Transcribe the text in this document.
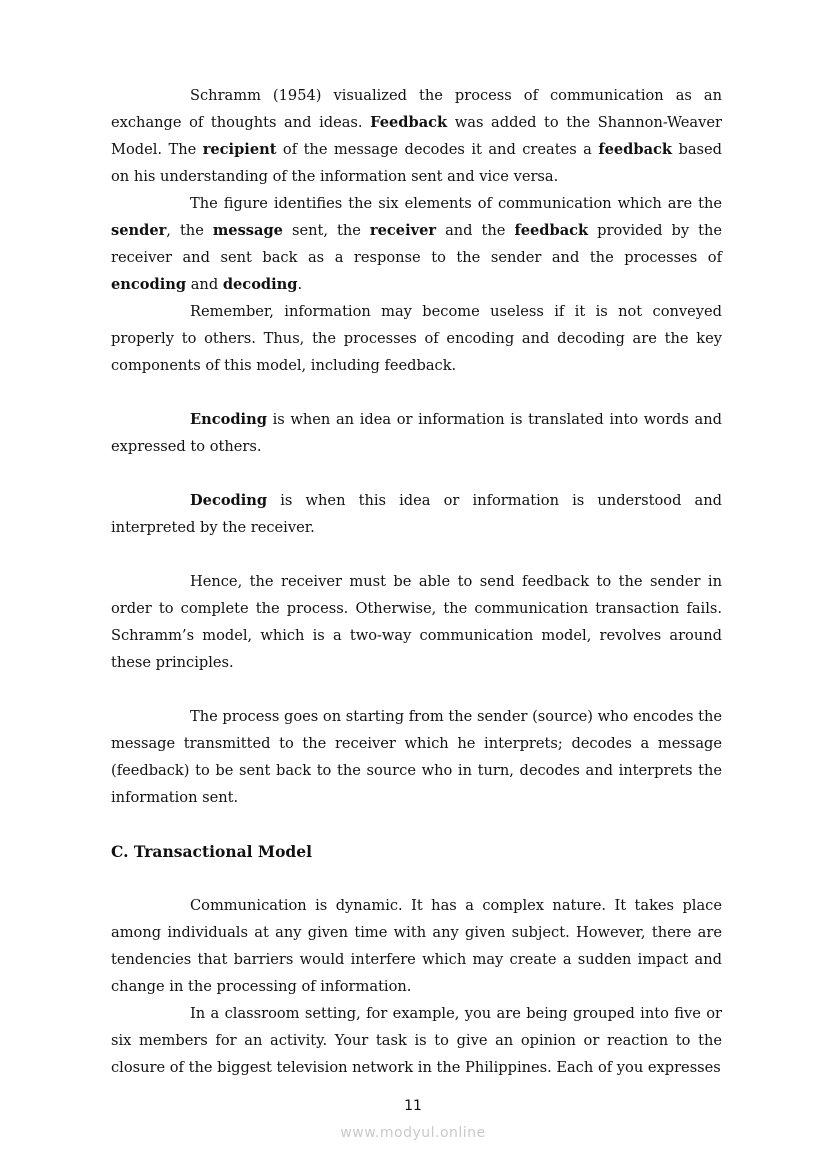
Schramm (1954) visualized the process of communication as an exchange of thoughts and ideas. Feedback was added to the Shannon-Weaver Model. The recipient of the message decodes it and creates a feedback based on his understanding of the information sent and vice versa.

The figure identifies the six elements of communication which are the sender, the message sent, the receiver and the feedback provided by the receiver and sent back as a response to the sender and the processes of encoding and decoding.

Remember, information may become useless if it is not conveyed properly to others. Thus, the processes of encoding and decoding are the key components of this model, including feedback.

Encoding is when an idea or information is translated into words and expressed to others.

Decoding is when this idea or information is understood and interpreted by the receiver.

Hence, the receiver must be able to send feedback to the sender in order to complete the process. Otherwise, the communication transaction fails. Schramm’s model, which is a two-way communication model, revolves around these principles.

The process goes on starting from the sender (source) who encodes the message transmitted to the receiver which he interprets; decodes a message (feedback) to be sent back to the source who in turn, decodes and interprets the information sent.

C. Transactional Model

Communication is dynamic. It has a complex nature. It takes place among individuals at any given time with any given subject. However, there are tendencies that barriers would interfere which may create a sudden impact and change in the processing of information.

In a classroom setting, for example, you are being grouped into five or six members for an activity. Your task is to give an opinion or reaction to the closure of the biggest television network in the Philippines. Each of you expresses

11
www.modyul.online
